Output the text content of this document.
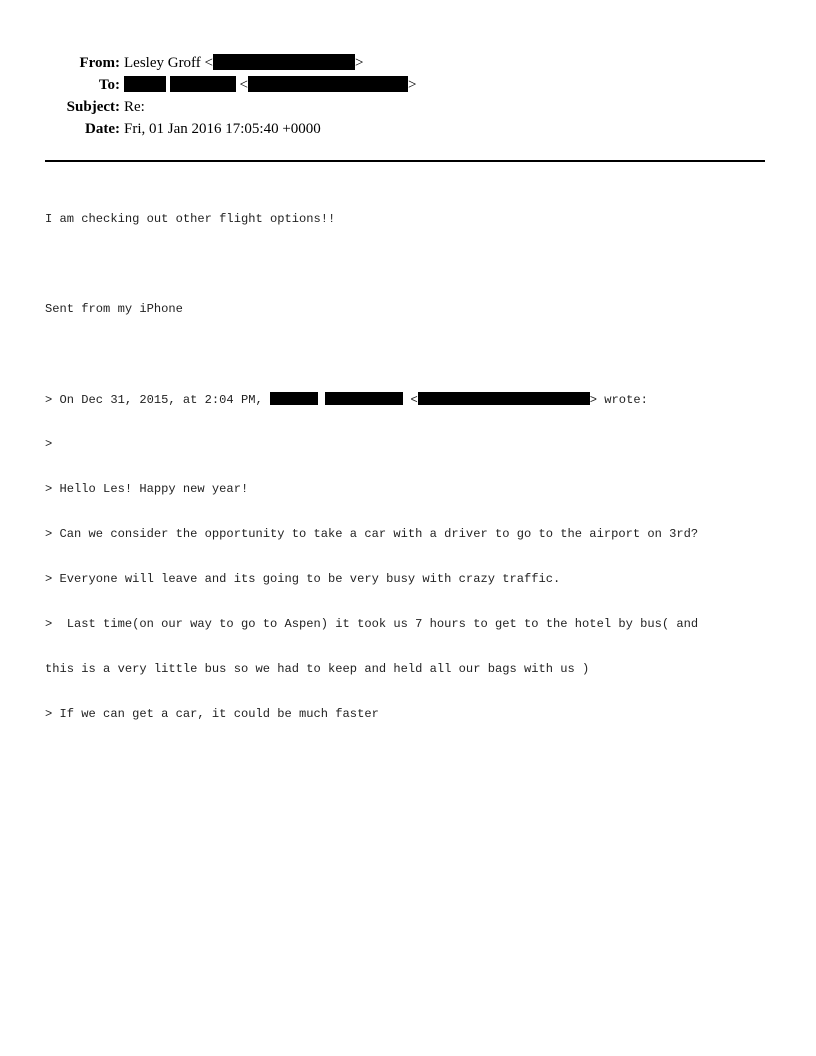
From: Lesley Groff <	>
To:	<	>
Subject: Re:
Date: Fri, 01 Jan 2016 17:05:40 +0000

I am checking out other flight options!!

Sent from my iPhone

> On Dec 31, 2015, at 2:04 PM,	<	> wrote:

>

> Hello Les! Happy new year!

> Can we consider the opportunity to take a car with a driver to go to the airport on 3rd?

> Everyone will leave and its going to be very busy with crazy traffic.

>  Last time(on our way to go to Aspen) it took us 7 hours to get to the hotel by bus( and

this is a very little bus so we had to keep and held all our bags with us )

> If we can get a car, it could be much faster
